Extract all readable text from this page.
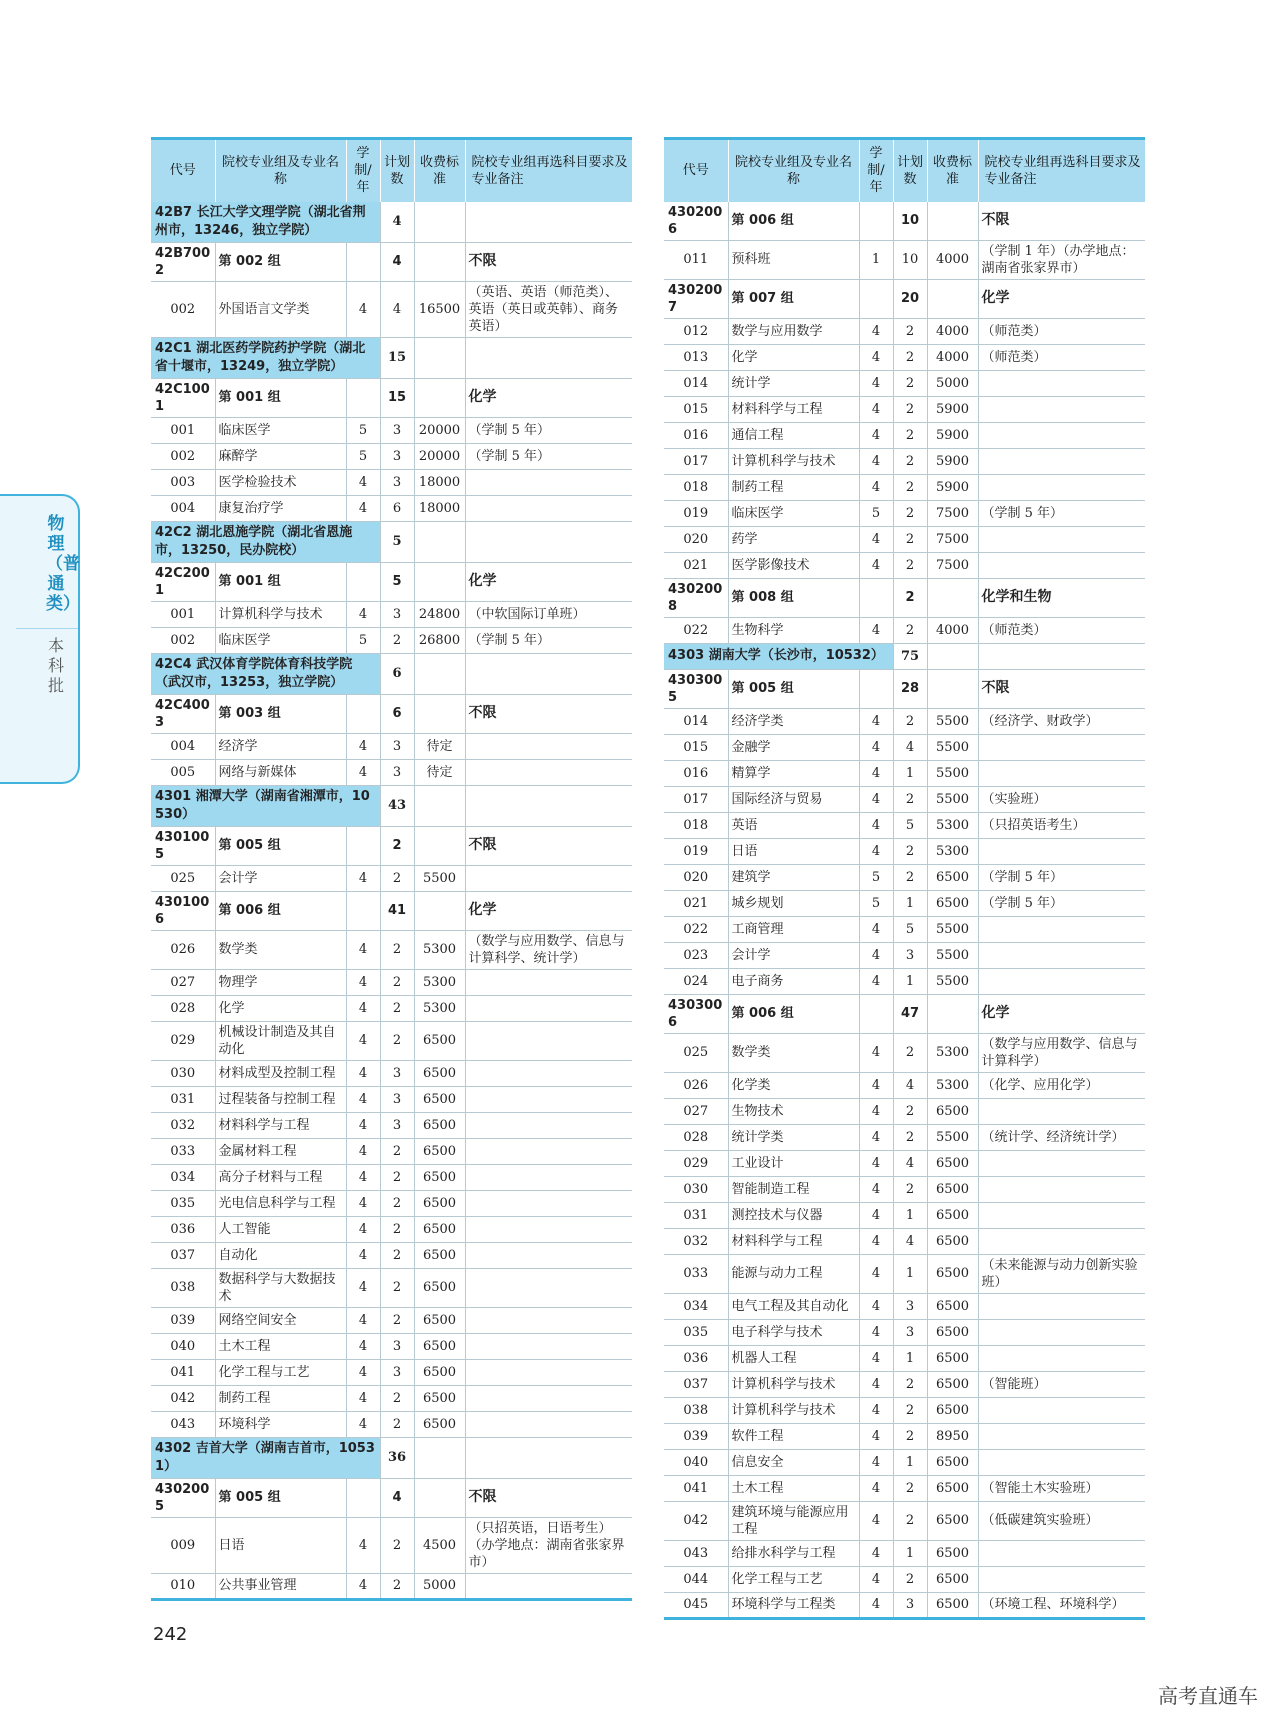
物理（普通类）
本科批
代号	院校专业组及专业名称	学制/年	计划数	收费标准	院校专业组再选科目要求及专业备注
42B7 长江大学文理学院（湖北省荆州市，13246，独立学院）			4		
42B7002	第 002 组		4		不限
002	外国语言文学类	4	4	16500	（英语、英语（师范类）、英语（英日或英韩）、商务英语）
42C1 湖北医药学院药护学院（湖北省十堰市，13249，独立学院）			15		
42C1001	第 001 组		15		化学
001	临床医学	5	3	20000	（学制 5 年）
002	麻醉学	5	3	20000	（学制 5 年）
003	医学检验技术	4	3	18000	
004	康复治疗学	4	6	18000	
42C2 湖北恩施学院（湖北省恩施市，13250，民办院校）			5		
42C2001	第 001 组		5		化学
001	计算机科学与技术	4	3	24800	（中软国际订单班）
002	临床医学	5	2	26800	（学制 5 年）
42C4 武汉体育学院体育科技学院（武汉市，13253，独立学院）			6		
42C4003	第 003 组		6		不限
004	经济学	4	3	待定	
005	网络与新媒体	4	3	待定	
4301 湘潭大学（湖南省湘潭市，10530）			43		
4301005	第 005 组		2		不限
025	会计学	4	2	5500	
4301006	第 006 组		41		化学
026	数学类	4	2	5300	（数学与应用数学、信息与计算科学、统计学）
027	物理学	4	2	5300	
028	化学	4	2	5300	
029	机械设计制造及其自动化	4	2	6500	
030	材料成型及控制工程	4	3	6500	
031	过程装备与控制工程	4	3	6500	
032	材料科学与工程	4	3	6500	
033	金属材料工程	4	2	6500	
034	高分子材料与工程	4	2	6500	
035	光电信息科学与工程	4	2	6500	
036	人工智能	4	2	6500	
037	自动化	4	2	6500	
038	数据科学与大数据技术	4	2	6500	
039	网络空间安全	4	2	6500	
040	土木工程	4	3	6500	
041	化学工程与工艺	4	3	6500	
042	制药工程	4	2	6500	
043	环境科学	4	2	6500	
4302 吉首大学（湖南吉首市，10531）			36		
4302005	第 005 组		4		不限
009	日语	4	2	4500	（只招英语，日语考生）（办学地点：湖南省张家界市）
010	公共事业管理	4	2	5000	
代号	院校专业组及专业名称	学制/年	计划数	收费标准	院校专业组再选科目要求及专业备注
4302006	第 006 组		10		不限
011	预科班	1	10	4000	（学制 1 年）（办学地点：湖南省张家界市）
4302007	第 007 组		20		化学
012	数学与应用数学	4	2	4000	（师范类）
013	化学	4	2	4000	（师范类）
014	统计学	4	2	5000	
015	材料科学与工程	4	2	5900	
016	通信工程	4	2	5900	
017	计算机科学与技术	4	2	5900	
018	制药工程	4	2	5900	
019	临床医学	5	2	7500	（学制 5 年）
020	药学	4	2	7500	
021	医学影像技术	4	2	7500	
4302008	第 008 组		2		化学和生物
022	生物科学	4	2	4000	（师范类）
4303 湖南大学（长沙市，10532）			75		
4303005	第 005 组		28		不限
014	经济学类	4	2	5500	（经济学、财政学）
015	金融学	4	4	5500	
016	精算学	4	1	5500	
017	国际经济与贸易	4	2	5500	（实验班）
018	英语	4	5	5300	（只招英语考生）
019	日语	4	2	5300	
020	建筑学	5	2	6500	（学制 5 年）
021	城乡规划	5	1	6500	（学制 5 年）
022	工商管理	4	5	5500	
023	会计学	4	3	5500	
024	电子商务	4	1	5500	
4303006	第 006 组		47		化学
025	数学类	4	2	5300	（数学与应用数学、信息与计算科学）
026	化学类	4	4	5300	（化学、应用化学）
027	生物技术	4	2	6500	
028	统计学类	4	2	5500	（统计学、经济统计学）
029	工业设计	4	4	6500	
030	智能制造工程	4	2	6500	
031	测控技术与仪器	4	1	6500	
032	材料科学与工程	4	4	6500	
033	能源与动力工程	4	1	6500	（未来能源与动力创新实验班）
034	电气工程及其自动化	4	3	6500	
035	电子科学与技术	4	3	6500	
036	机器人工程	4	1	6500	
037	计算机科学与技术	4	2	6500	（智能班）
038	计算机科学与技术	4	2	6500	
039	软件工程	4	2	8950	
040	信息安全	4	1	6500	
041	土木工程	4	2	6500	（智能土木实验班）
042	建筑环境与能源应用工程	4	2	6500	（低碳建筑实验班）
043	给排水科学与工程	4	1	6500	
044	化学工程与工艺	4	2	6500	
045	环境科学与工程类	4	3	6500	（环境工程、环境科学）
242
高考直通车
